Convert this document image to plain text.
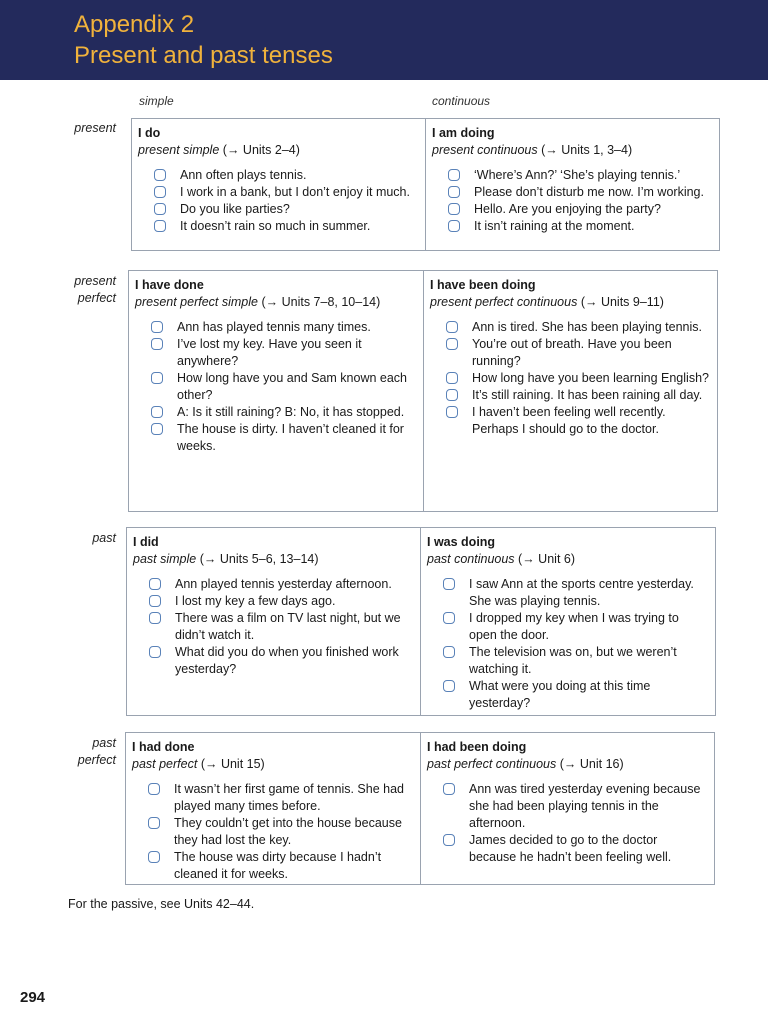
Appendix 2
Present and past tenses
simple	continuous
present I do
present simple (→ Units 2–4)
Ann often plays tennis.
I work in a bank, but I don’t enjoy it much.
Do you like parties?
It doesn’t rain so much in summer.
I am doing
present continuous (→ Units 1, 3–4)
‘Where’s Ann?’ ‘She’s playing tennis.’
Please don’t disturb me now. I’m working.
Hello. Are you enjoying the party?
It isn’t raining at the moment.
present perfect
I have done
present perfect simple (→ Units 7–8, 10–14)
Ann has played tennis many times.
I’ve lost my key. Have you seen it anywhere?
How long have you and Sam known each other?
A: Is it still raining? B: No, it has stopped.
The house is dirty. I haven’t cleaned it for weeks.
I have been doing
present perfect continuous (→ Units 9–11)
Ann is tired. She has been playing tennis.
You’re out of breath. Have you been running?
How long have you been learning English?
It’s still raining. It has been raining all day.
I haven’t been feeling well recently. Perhaps I should go to the doctor.
past I did
past simple (→ Units 5–6, 13–14)
Ann played tennis yesterday afternoon.
I lost my key a few days ago.
There was a film on TV last night, but we didn’t watch it.
What did you do when you finished work yesterday?
I was doing
past continuous (→ Unit 6)
I saw Ann at the sports centre yesterday. She was playing tennis.
I dropped my key when I was trying to open the door.
The television was on, but we weren’t watching it.
What were you doing at this time yesterday?
past perfect
I had done
past perfect (→ Unit 15)
It wasn’t her first game of tennis. She had played many times before.
They couldn’t get into the house because they had lost the key.
The house was dirty because I hadn’t cleaned it for weeks.
I had been doing
past perfect continuous (→ Unit 16)
Ann was tired yesterday evening because she had been playing tennis in the afternoon.
James decided to go to the doctor because he hadn’t been feeling well.
For the passive, see Units 42–44.
294
